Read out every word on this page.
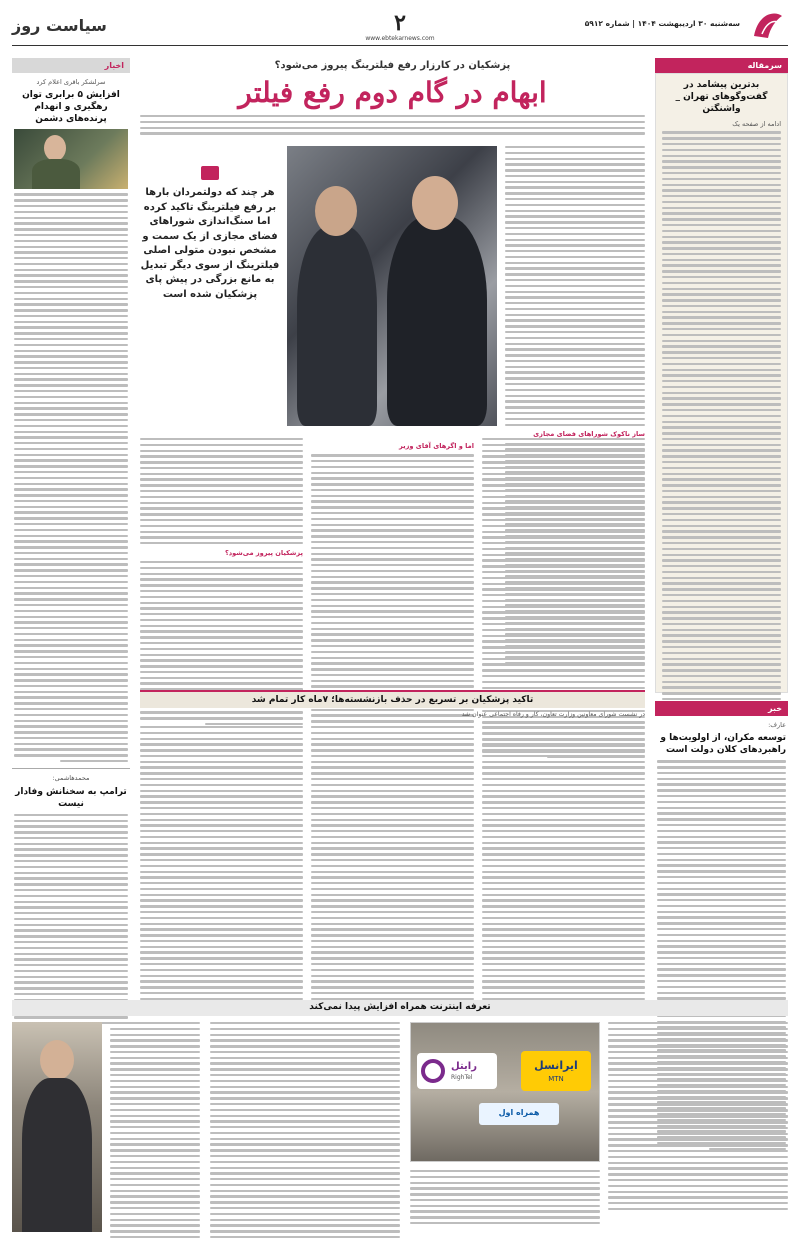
سه‌شنبه ۳۰ اردیبهشت ۱۴۰۴ | شماره ۵۹۱۲
۲
www.ebtekarnews.com
سیاست روز
سرمقاله
بدترین پیشامد در گفت‌وگوهای تهران _ واشنگتن
ادامه از صفحه یک
خبر
عارف:
توسعه مکران، از اولویت‌ها و راهبردهای کلان دولت است
اخبار
سرلشکر باقری اعلام کرد
افزایش ۵ برابری توان رهگیری و انهدام پرنده‌های دشمن
محمدهاشمی:
ترامپ به سخنانش وفادار نیست
پزشکیان در کارزار رفع فیلترینگ پیروز می‌شود؟
ابهام در گام دوم رفع فیلتر
ساز ناکوک شوراهای فضای مجازی
هر چند که دولتمردان بارها بر رفع فیلترینگ تاکید کرده اما سنگ‌اندازی شوراهای فضای مجازی از یک سمت و مشخص نبودن متولی اصلی فیلترینگ از سوی دیگر تبدیل به مانع بزرگی در پیش پای پزشکیان شده است
اما و اگر‌های آقای وزیر
پزشکیان پیروز می‌شود؟
تاکید پزشکیان بر تسریع در حذف بازنشسته‌ها؛ ۷ماه کار تمام شد
در نشست شورای معاونین وزارت تعاون، کار و رفاه اجتماعی عنوان شد
تعرفه اینترنت همراه افزایش پیدا نمی‌کند
ایرانسل
MTN
رایتل
RighTel
همراه اول
